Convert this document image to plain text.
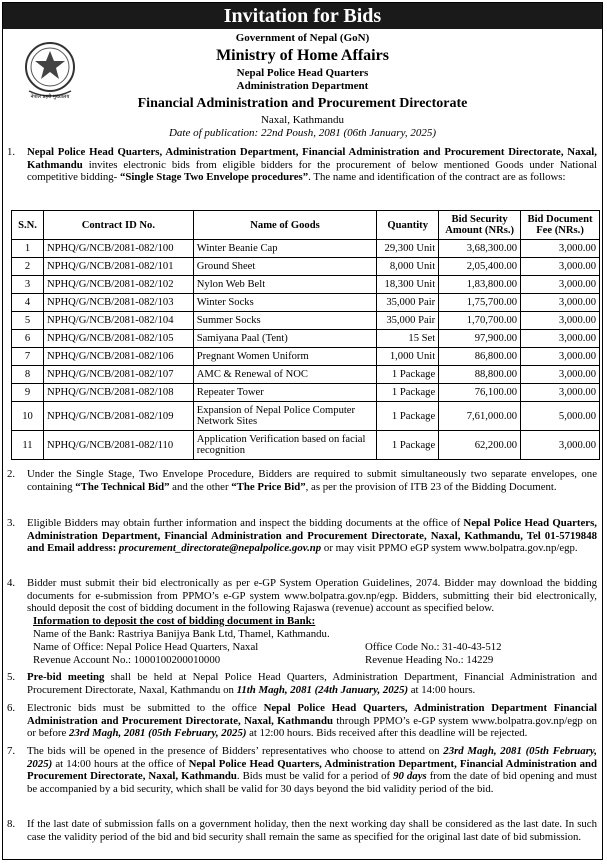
Invitation for Bids
नेपाल प्रहरी मुख्यालय
Government of Nepal (GoN)
Ministry of Home Affairs
Nepal Police Head Quarters
Administration Department
Financial Administration and Procurement Directorate
Naxal, Kathmandu
Date of publication: 22nd Poush, 2081 (06th January, 2025)
1. Nepal Police Head Quarters, Administration Department, Financial Administration and Procurement Directorate, Naxal, Kathmandu invites electronic bids from eligible bidders for the procurement of below mentioned Goods under National competitive bidding- “Single Stage Two Envelope procedures”. The name and identification of the contract are as follows:
S.N.	Contract ID No.	Name of Goods	Quantity	Bid Security Amount (NRs.)	Bid Document Fee (NRs.)
1	NPHQ/G/NCB/2081-082/100	Winter Beanie Cap	29,300 Unit	3,68,300.00	3,000.00
2	NPHQ/G/NCB/2081-082/101	Ground Sheet	8,000 Unit	2,05,400.00	3,000.00
3	NPHQ/G/NCB/2081-082/102	Nylon Web Belt	18,300 Unit	1,83,800.00	3,000.00
4	NPHQ/G/NCB/2081-082/103	Winter Socks	35,000 Pair	1,75,700.00	3,000.00
5	NPHQ/G/NCB/2081-082/104	Summer Socks	35,000 Pair	1,70,700.00	3,000.00
6	NPHQ/G/NCB/2081-082/105	Samiyana Paal (Tent)	15 Set	97,900.00	3,000.00
7	NPHQ/G/NCB/2081-082/106	Pregnant Women Uniform	1,000 Unit	86,800.00	3,000.00
8	NPHQ/G/NCB/2081-082/107	AMC & Renewal of NOC	1 Package	88,800.00	3,000.00
9	NPHQ/G/NCB/2081-082/108	Repeater Tower	1 Package	76,100.00	3,000.00
10	NPHQ/G/NCB/2081-082/109	Expansion of Nepal Police Computer Network Sites	1 Package	7,61,000.00	5,000.00
11	NPHQ/G/NCB/2081-082/110	Application Verification based on facial recognition	1 Package	62,200.00	3,000.00
2. Under the Single Stage, Two Envelope Procedure, Bidders are required to submit simultaneously two separate envelopes, one containing “The Technical Bid” and the other “The Price Bid”, as per the provision of ITB 23 of the Bidding Document.
3. Eligible Bidders may obtain further information and inspect the bidding documents at the office of Nepal Police Head Quarters, Administration Department, Financial Administration and Procurement Directorate, Naxal, Kathmandu, Tel 01-5719848 and Email address: procurement_directorate@nepalpolice.gov.np or may visit PPMO eGP system www.bolpatra.gov.np/egp.
4. Bidder must submit their bid electronically as per e-GP System Operation Guidelines, 2074. Bidder may download the bidding documents for e-submission from PPMO’s e-GP system www.bolpatra.gov.np/egp. Bidders, submitting their bid electronically, should deposit the cost of bidding document in the following Rajaswa (revenue) account as specified below.
Information to deposit the cost of bidding document in Bank:
Name of the Bank: Rastriya Banijya Bank Ltd, Thamel, Kathmandu.
Name of Office: Nepal Police Head Quarters, Naxal	Office Code No.: 31-40-43-512
Revenue Account No.: 1000100200010000	Revenue Heading No.: 14229
5. Pre-bid meeting shall be held at Nepal Police Head Quarters, Administration Department, Financial Administration and Procurement Directorate, Naxal, Kathmandu on 11th Magh, 2081 (24th January, 2025) at 14:00 hours.
6. Electronic bids must be submitted to the office Nepal Police Head Quarters, Administration Department Financial Administration and Procurement Directorate, Naxal, Kathmandu through PPMO’s e-GP system www.bolpatra.gov.np/egp on or before 23rd Magh, 2081 (05th February, 2025) at 12:00 hours. Bids received after this deadline will be rejected.
7. The bids will be opened in the presence of Bidders’ representatives who choose to attend on 23rd Magh, 2081 (05th February, 2025) at 14:00 hours at the office of Nepal Police Head Quarters, Administration Department, Financial Administration and Procurement Directorate, Naxal, Kathmandu. Bids must be valid for a period of 90 days from the date of bid opening and must be accompanied by a bid security, which shall be valid for 30 days beyond the bid validity period of the bid.
8. If the last date of submission falls on a government holiday, then the next working day shall be considered as the last date. In such case the validity period of the bid and bid security shall remain the same as specified for the original last date of bid submission.
